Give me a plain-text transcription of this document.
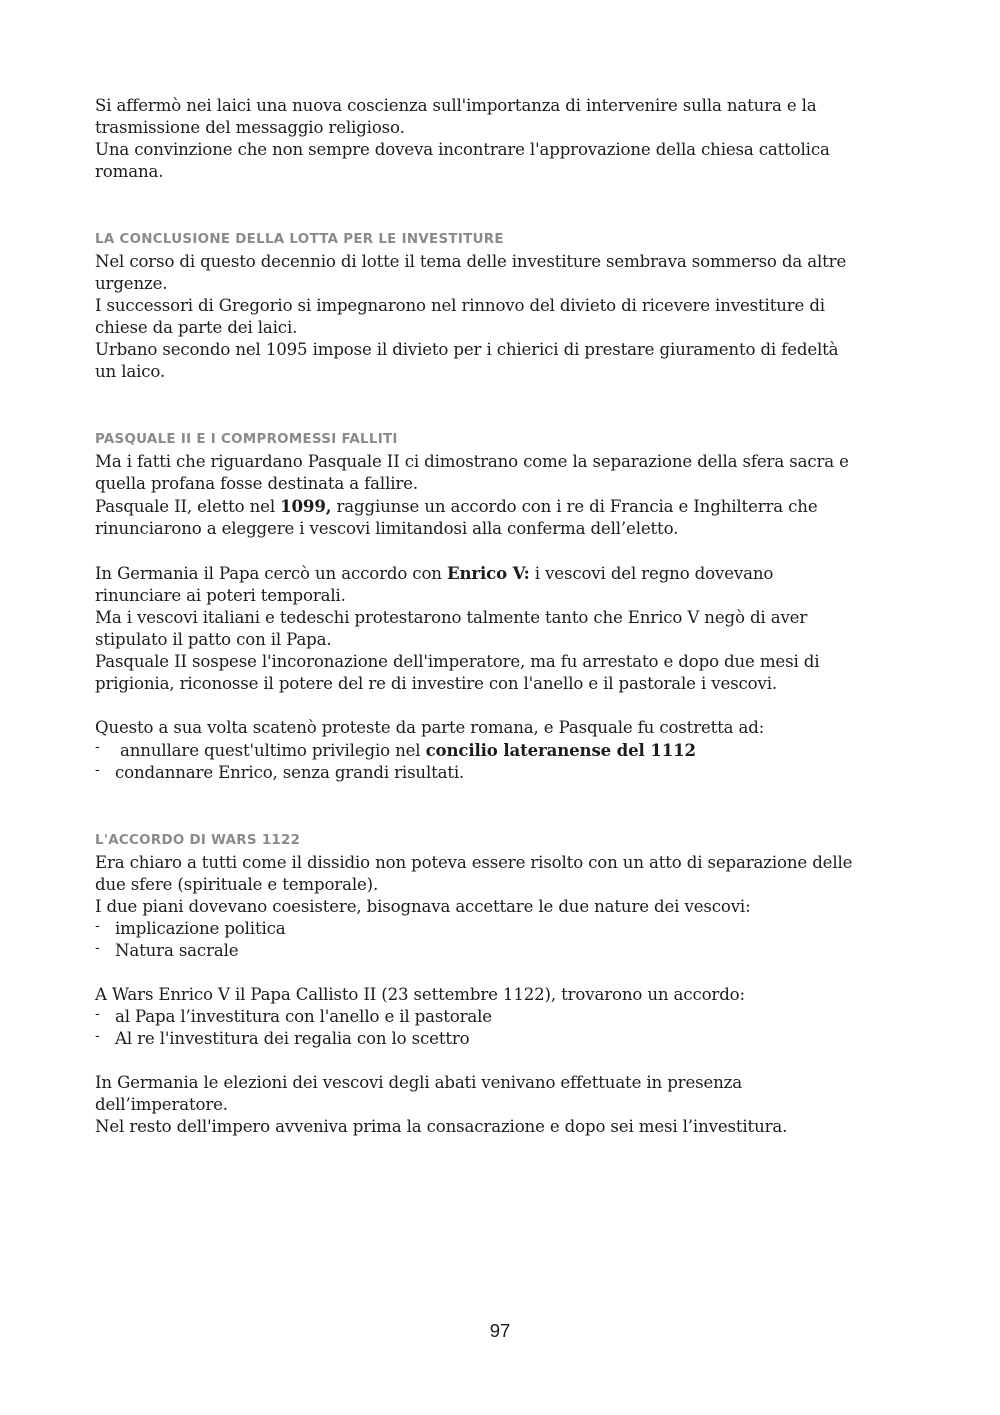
Si affermò nei laici una nuova coscienza sull'importanza di intervenire sulla natura e la

trasmissione del messaggio religioso.

Una convinzione che non sempre doveva incontrare l'approvazione della chiesa cattolica

romana.

LA CONCLUSIONE DELLA LOTTA PER LE INVESTITURE

Nel corso di questo decennio di lotte il tema delle investiture sembrava sommerso da altre

urgenze.

I successori di Gregorio si impegnarono nel rinnovo del divieto di ricevere investiture di

chiese da parte dei laici.

Urbano secondo nel 1095 impose il divieto per i chierici di prestare giuramento di fedeltà

un laico.

PASQUALE II E I COMPROMESSI FALLITI

Ma i fatti che riguardano Pasquale II ci dimostrano come la separazione della sfera sacra e

quella profana fosse destinata a fallire.

Pasquale II, eletto nel 1099, raggiunse un accordo con i re di Francia e Inghilterra che

rinunciarono a eleggere i vescovi limitandosi alla conferma dell’eletto.

In Germania il Papa cercò un accordo con Enrico V: i vescovi del regno dovevano

rinunciare ai poteri temporali.

Ma i vescovi italiani e tedeschi protestarono talmente tanto che Enrico V negò di aver

stipulato il patto con il Papa.

Pasquale II sospese l'incoronazione dell'imperatore, ma fu arrestato e dopo due mesi di

prigionia, riconosse il potere del re di investire con l'anello e il pastorale i vescovi.

Questo a sua volta scatenò proteste da parte romana, e Pasquale fu costretta ad:

- annullare quest'ultimo privilegio nel concilio lateranense del 1112

- condannare Enrico, senza grandi risultati.

L'ACCORDO DI WARS 1122

Era chiaro a tutti come il dissidio non poteva essere risolto con un atto di separazione delle

due sfere (spirituale e temporale).

I due piani dovevano coesistere, bisognava accettare le due nature dei vescovi:

- implicazione politica

- Natura sacrale

A Wars Enrico V il Papa Callisto II (23 settembre 1122), trovarono un accordo:

- al Papa l’investitura con l'anello e il pastorale

- Al re l'investitura dei regalia con lo scettro

In Germania le elezioni dei vescovi degli abati venivano effettuate in presenza

dell’imperatore.

Nel resto dell'impero avveniva prima la consacrazione e dopo sei mesi l’investitura.

97
